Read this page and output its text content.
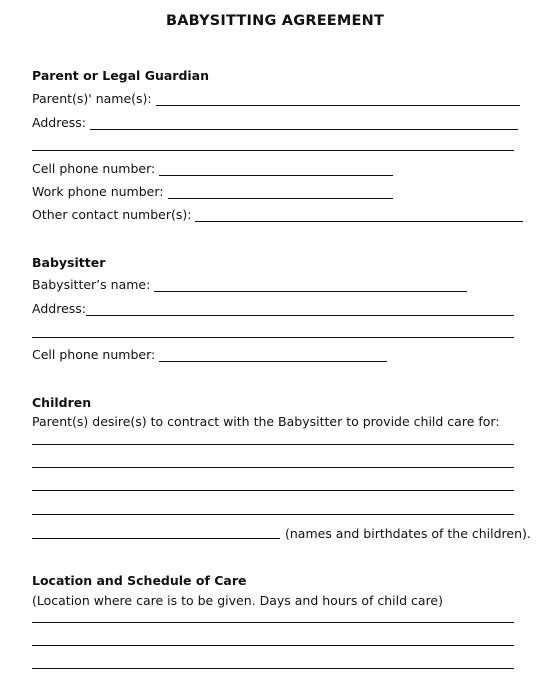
BABYSITTING AGREEMENT
Parent or Legal Guardian
Parent(s)' name(s):
Address:
Cell phone number:
Work phone number:
Other contact number(s):
Babysitter
Babysitter’s name:
Address:
Cell phone number:
Children
Parent(s) desire(s) to contract with the Babysitter to provide child care for:
(names and birthdates of the children).
Location and Schedule of Care
(Location where care is to be given. Days and hours of child care)
